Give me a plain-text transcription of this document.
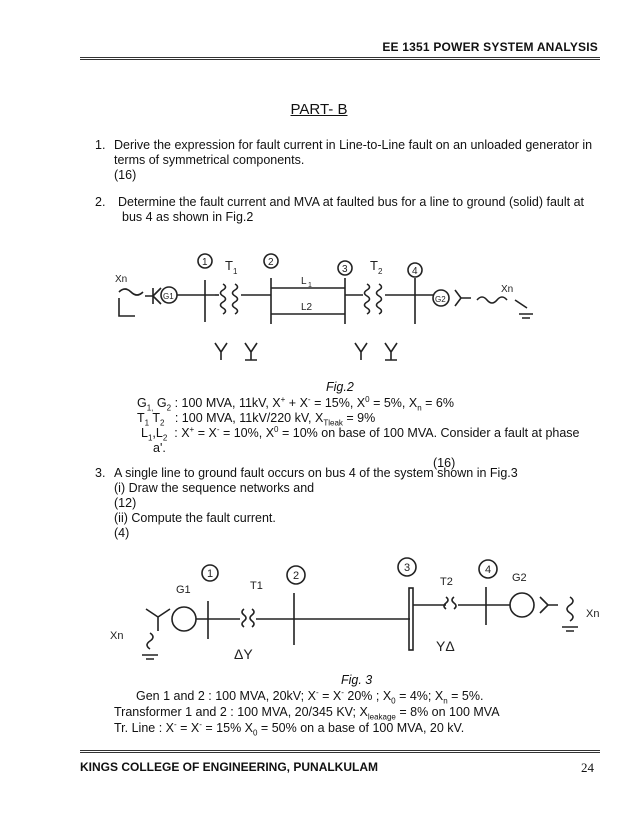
EE 1351 POWER SYSTEM ANALYSIS
PART- B
1. Derive the expression for fault current in Line-to-Line fault on an unloaded generator in
terms of symmetrical components.
(16)
2. Determine the fault current and MVA at faulted bus for a line to ground (solid) fault at
bus 4 as shown in Fig.2
1	2
3	4
T 1	T 2
L 1
L2
G1	G2
Xn
Xn
Fig.2
$G_{1,}$ $G_2$ : 100 MVA, 11kV, X+ + X- = 15%, $X^0 = 5\%$, $X_n = 6\%$
$T_1$ $T_2$ : 100 MVA, 11kV/220 kV, $X_{Tleak} = 9\%$
$L_1,L_2$ : X+ = X- = 10%, $X^0 = 10\%$ on base of 100 MVA. Consider a fault at phase
a'.
(16)
3. A single line to ground fault occurs on bus 4 of the system shown in Fig.3
(i) Draw the sequence networks and
(12)
(ii) Compute the fault current.
(4)
1	2
3	4
G1	T1	T2	G2
Xn
Xn
ΔY	YΔ
Fig. 3
Gen 1 and 2 : 100 MVA, 20kV; X- = X- 20% ; $X_0 = 4\%$; $X_n = 5\%$.
Transformer 1 and 2 : 100 MVA, 20/345 KV; $X_{leakage} = 8\%$ on 100 MVA
Tr. Line : X- = X- = 15% $X_0 = 50\%$ on a base of 100 MVA, 20 kV.
KINGS COLLEGE OF ENGINEERING, PUNALKULAM	24
